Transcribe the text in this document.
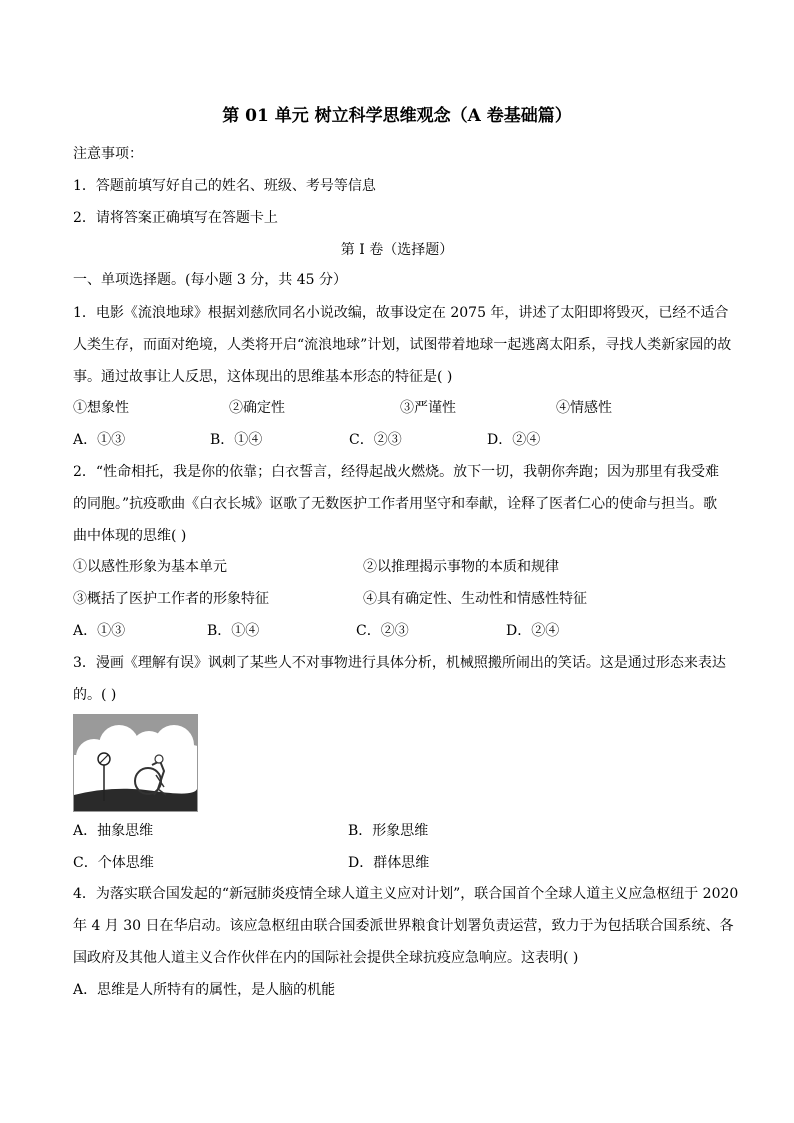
第 01 单元 树立科学思维观念（A 卷基础篇）
注意事项：
1．答题前填写好自己的姓名、班级、考号等信息
2．请将答案正确填写在答题卡上
第 I 卷（选择题）
一、单项选择题。(每小题 3 分，共 45 分）
1．电影《流浪地球》根据刘慈欣同名小说改编，故事设定在 2075 年，讲述了太阳即将毁灭，已经不适合
人类生存，而面对绝境，人类将开启“流浪地球”计划，试图带着地球一起逃离太阳系，寻找人类新家园的故
事。通过故事让人反思，这体现出的思维基本形态的特征是( )
①想象性	②确定性	③严谨性	④情感性
A．①③	B．①④	C．②③	D．②④
2．“性命相托，我是你的依靠；白衣誓言，经得起战火燃烧。放下一切，我朝你奔跑；因为那里有我受难
的同胞。”抗疫歌曲《白衣长城》讴歌了无数医护工作者用坚守和奉献，诠释了医者仁心的使命与担当。歌
曲中体现的思维( )
①以感性形象为基本单元	②以推理揭示事物的本质和规律
③概括了医护工作者的形象特征	④具有确定性、生动性和情感性特征
A．①③	B．①④	C．②③	D．②④
3．漫画《理解有误》讽刺了某些人不对事物进行具体分析，机械照搬所闹出的笑话。这是通过形态来表达
的。( )
A．抽象思维	B．形象思维
C．个体思维	D．群体思维
4．为落实联合国发起的“新冠肺炎疫情全球人道主义应对计划”，联合国首个全球人道主义应急枢纽于 2020
年 4 月 30 日在华启动。该应急枢纽由联合国委派世界粮食计划署负责运营，致力于为包括联合国系统、各
国政府及其他人道主义合作伙伴在内的国际社会提供全球抗疫应急响应。这表明( )
A．思维是人所特有的属性，是人脑的机能
